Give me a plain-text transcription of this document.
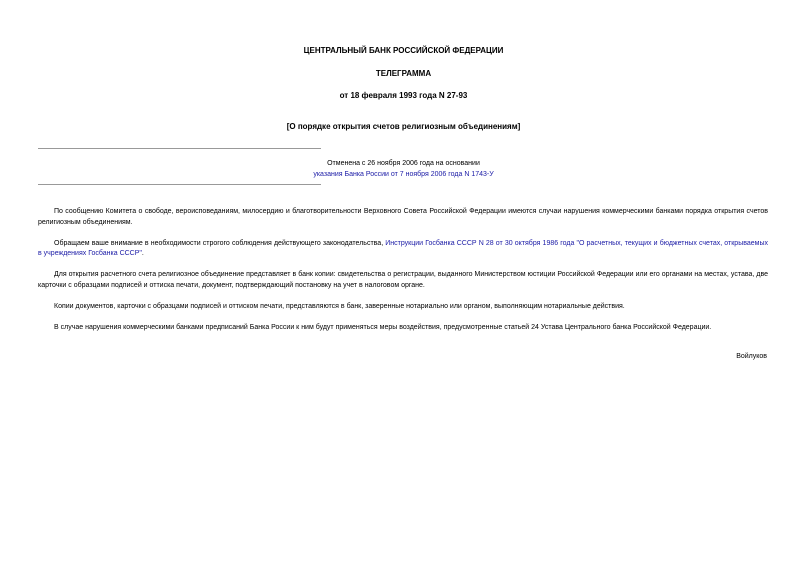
ЦЕНТРАЛЬНЫЙ БАНК РОССИЙСКОЙ ФЕДЕРАЦИИ

ТЕЛЕГРАММА

от 18 февраля 1993 года N 27-93

[О порядке открытия счетов религиозным объединениям]

Отменена с 26 ноября 2006 года на основании

указания Банка России от 7 ноября 2006 года N 1743-У

По сообщению Комитета о свободе, вероисповеданиям, милосердию и благотворительности Верховного Совета Российской Федерации имеются случаи нарушения коммерческими банками порядка открытия счетов религиозным объединениям.

Обращаем ваше внимание в необходимости строгого соблюдения действующего законодательства, Инструкции Госбанка СССР N 28 от 30 октября 1986 года "О расчетных, текущих и бюджетных счетах, открываемых в учреждениях Госбанка СССР".

Для открытия расчетного счета религиозное объединение представляет в банк копии: свидетельства о регистрации, выданного Министерством юстиции Российской Федерации или его органами на местах, устава, две карточки с образцами подписей и оттиска печати, документ, подтверждающий постановку на учет в налоговом органе.

Копии документов, карточки с образцами подписей и оттиском печати, представляются в банк, заверенные нотариально или органом, выполняющим нотариальные действия.

В случае нарушения коммерческими банками предписаний Банка России к ним будут применяться меры воздействия, предусмотренные статьей 24 Устава Центрального банка Российской Федерации.

Войлуков
